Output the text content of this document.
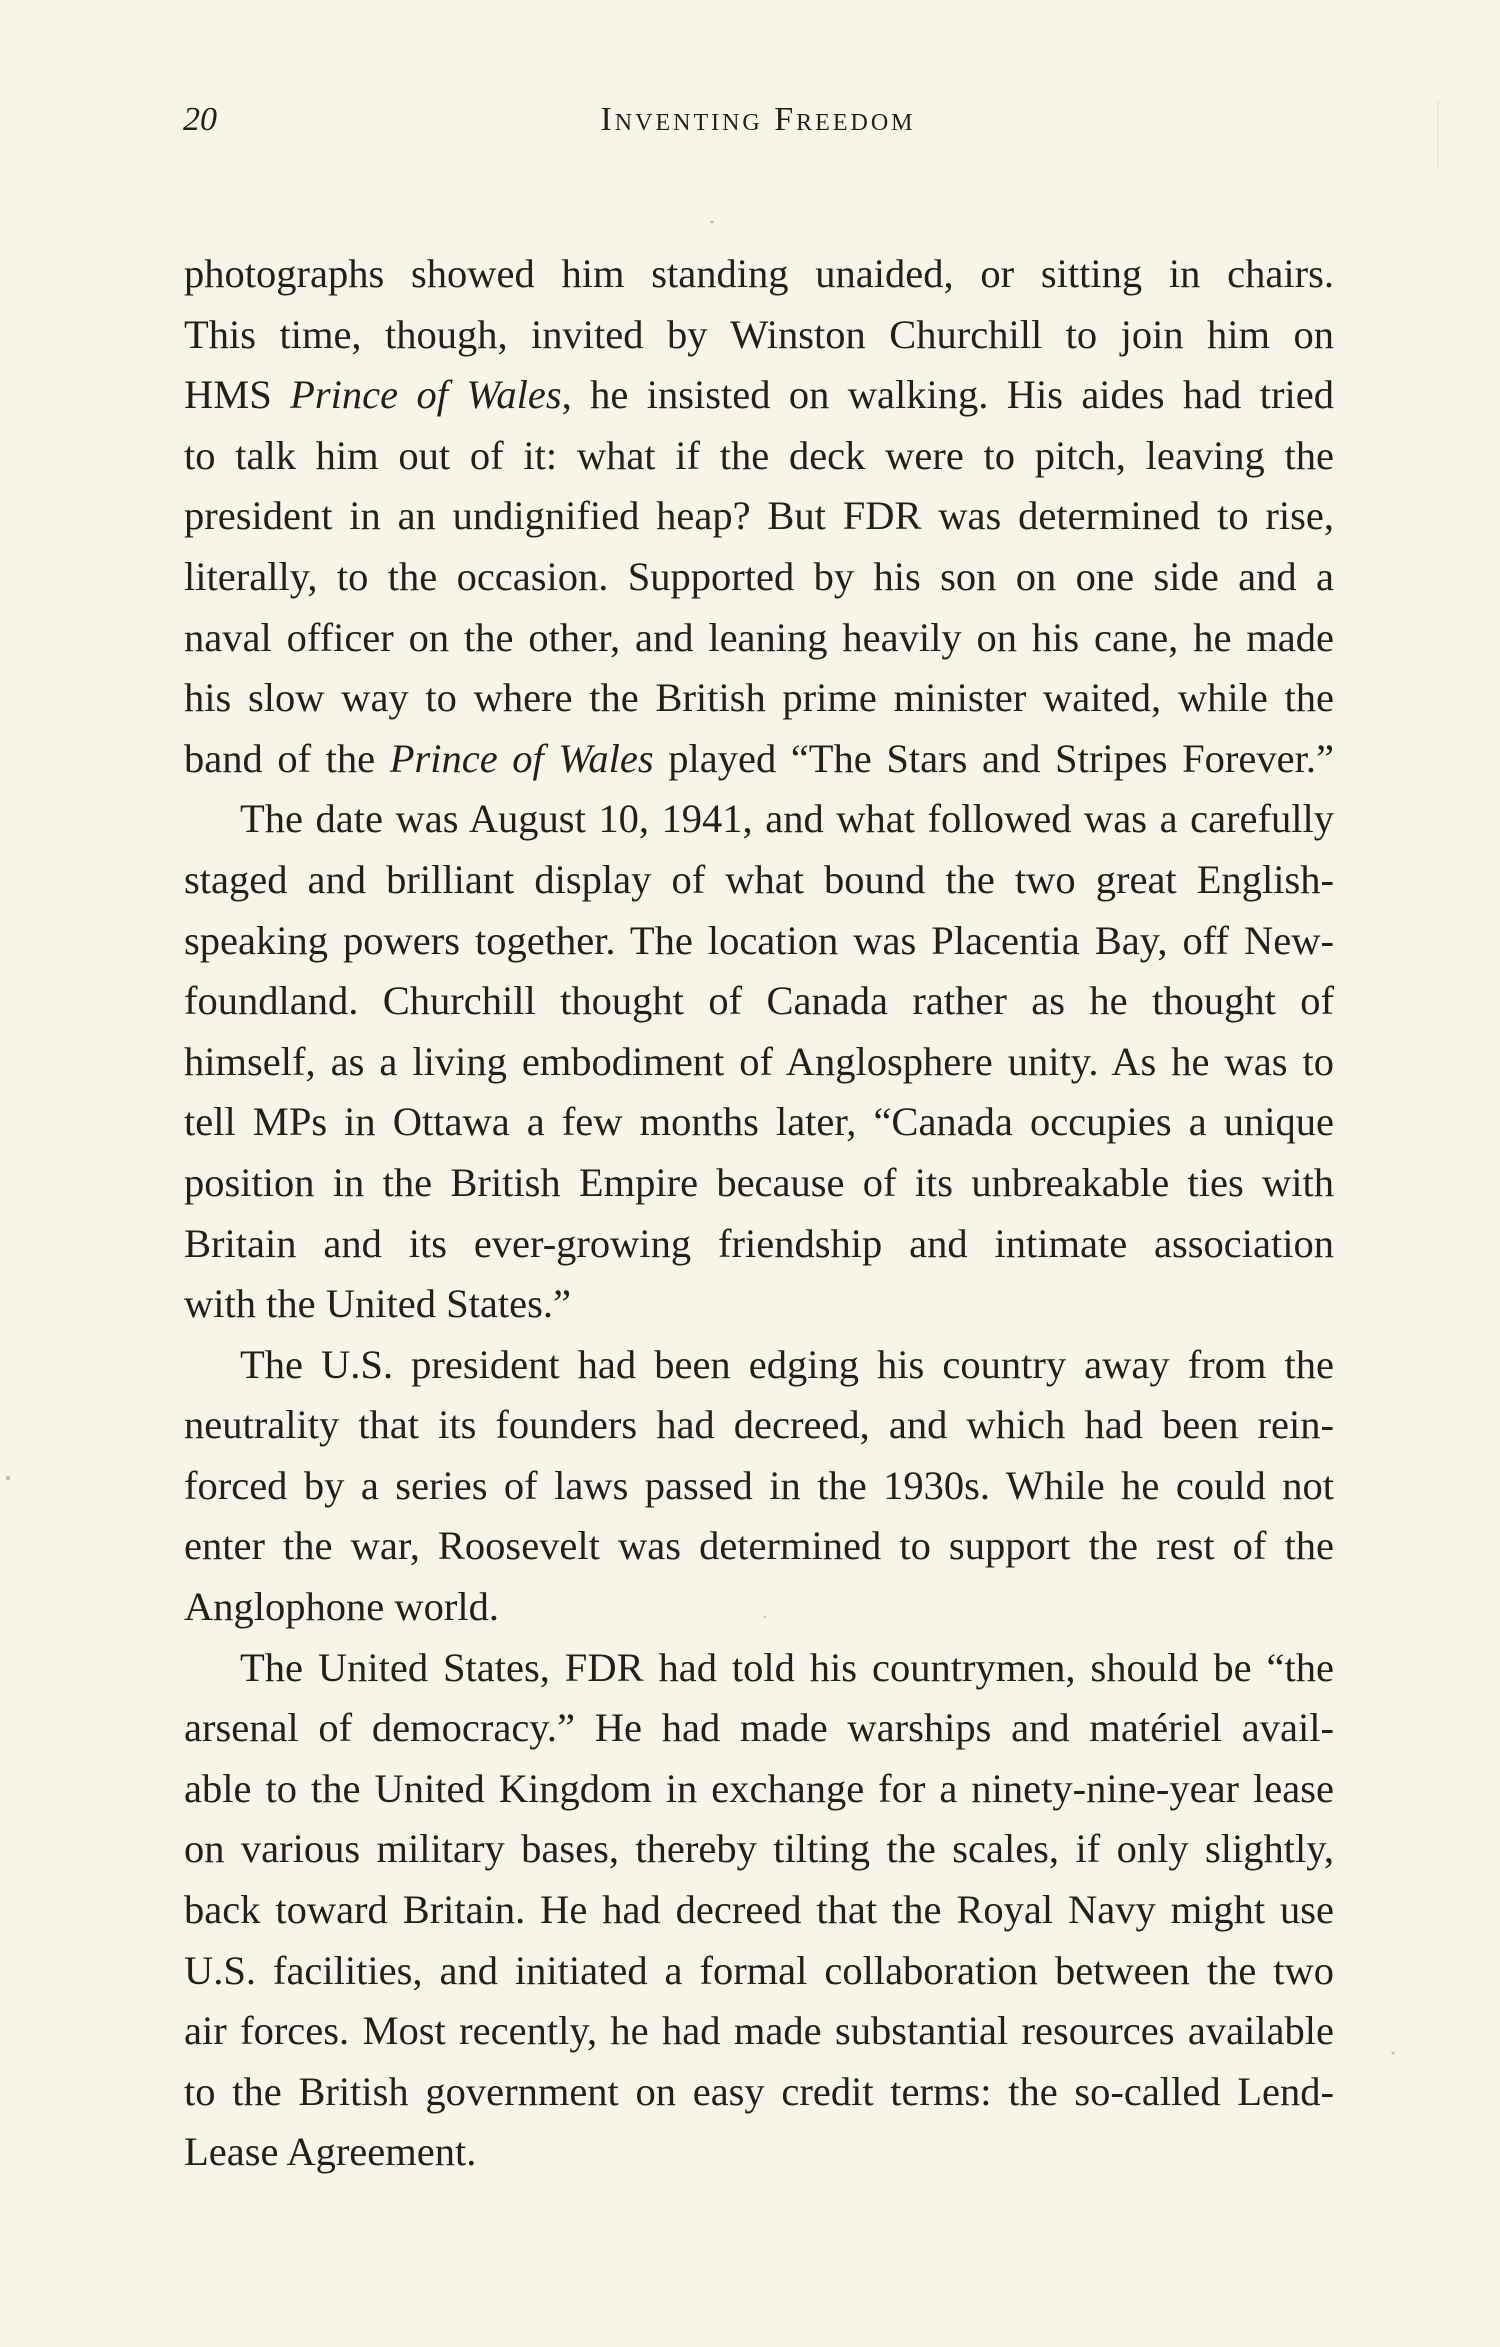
20	Inventing Freedom
photographs showed him standing unaided, or sitting in chairs.
This time, though, invited by Winston Churchill to join him on
HMS Prince of Wales, he insisted on walking. His aides had tried
to talk him out of it: what if the deck were to pitch, leaving the
president in an undignified heap? But FDR was determined to rise,
literally, to the occasion. Supported by his son on one side and a
naval officer on the other, and leaning heavily on his cane, he made
his slow way to where the British prime minister waited, while the
band of the Prince of Wales played “The Stars and Stripes Forever.”
The date was August 10, 1941, and what followed was a carefully
staged and brilliant display of what bound the two great English-
speaking powers together. The location was Placentia Bay, off New-
foundland. Churchill thought of Canada rather as he thought of
himself, as a living embodiment of Anglosphere unity. As he was to
tell MPs in Ottawa a few months later, “Canada occupies a unique
position in the British Empire because of its unbreakable ties with
Britain and its ever-growing friendship and intimate association
with the United States.”
The U.S. president had been edging his country away from the
neutrality that its founders had decreed, and which had been rein-
forced by a series of laws passed in the 1930s. While he could not
enter the war, Roosevelt was determined to support the rest of the
Anglophone world.
The United States, FDR had told his countrymen, should be “the
arsenal of democracy.” He had made warships and matériel avail-
able to the United Kingdom in exchange for a ninety-nine-year lease
on various military bases, thereby tilting the scales, if only slightly,
back toward Britain. He had decreed that the Royal Navy might use
U.S. facilities, and initiated a formal collaboration between the two
air forces. Most recently, he had made substantial resources available
to the British government on easy credit terms: the so-called Lend-
Lease Agreement.
